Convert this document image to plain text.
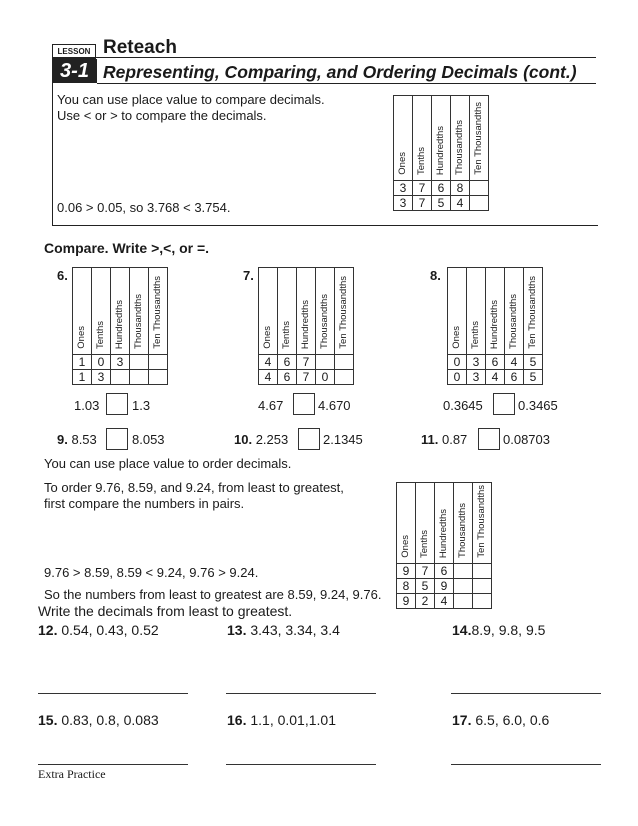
LESSON
3-1
Reteach
Representing, Comparing, and Ordering Decimals (cont.)
You can use place value to compare decimals.
Use < or > to compare the decimals.
0.06 > 0.05, so 3.768 < 3.754.
Ones	Tenths	Hundredths	Thousandths	Ten Thousandths
3	7	6	8	
3	7	5	4	
Compare. Write >,<, or =.
6.
Ones	Tenths	Hundredths	Thousandths	Ten Thousandths
1	0	3		
1	3			
1.03	1.3
7.
Ones	Tenths	Hundredths	Thousandths	Ten Thousandths
4	6	7		
4	6	7	0	
4.67	4.670
8.
Ones	Tenths	Hundredths	Thousandths	Ten Thousandths
0	3	6	4	5
0	3	4	6	5
0.3645	0.3465
9. 8.53	8.053	10. 2.253	2.1345	11. 0.87	0.08703
You can use place value to order decimals.
To order 9.76, 8.59, and 9.24, from least to greatest,
first compare the numbers in pairs.
9.76 > 8.59, 8.59 < 9.24, 9.76 > 9.24.
So the numbers from least to greatest are 8.59, 9.24, 9.76.
Ones	Tenths	Hundredths	Thousandths	Ten Thousandths
9	7	6		
8	5	9		
9	2	4		
Write the decimals from least to greatest.
12. 0.54, 0.43, 0.52	13. 3.43, 3.34, 3.4	14.8.9, 9.8, 9.5
15. 0.83, 0.8, 0.083	16. 1.1, 0.01,1.01	17. 6.5, 6.0, 0.6
Extra Practice
